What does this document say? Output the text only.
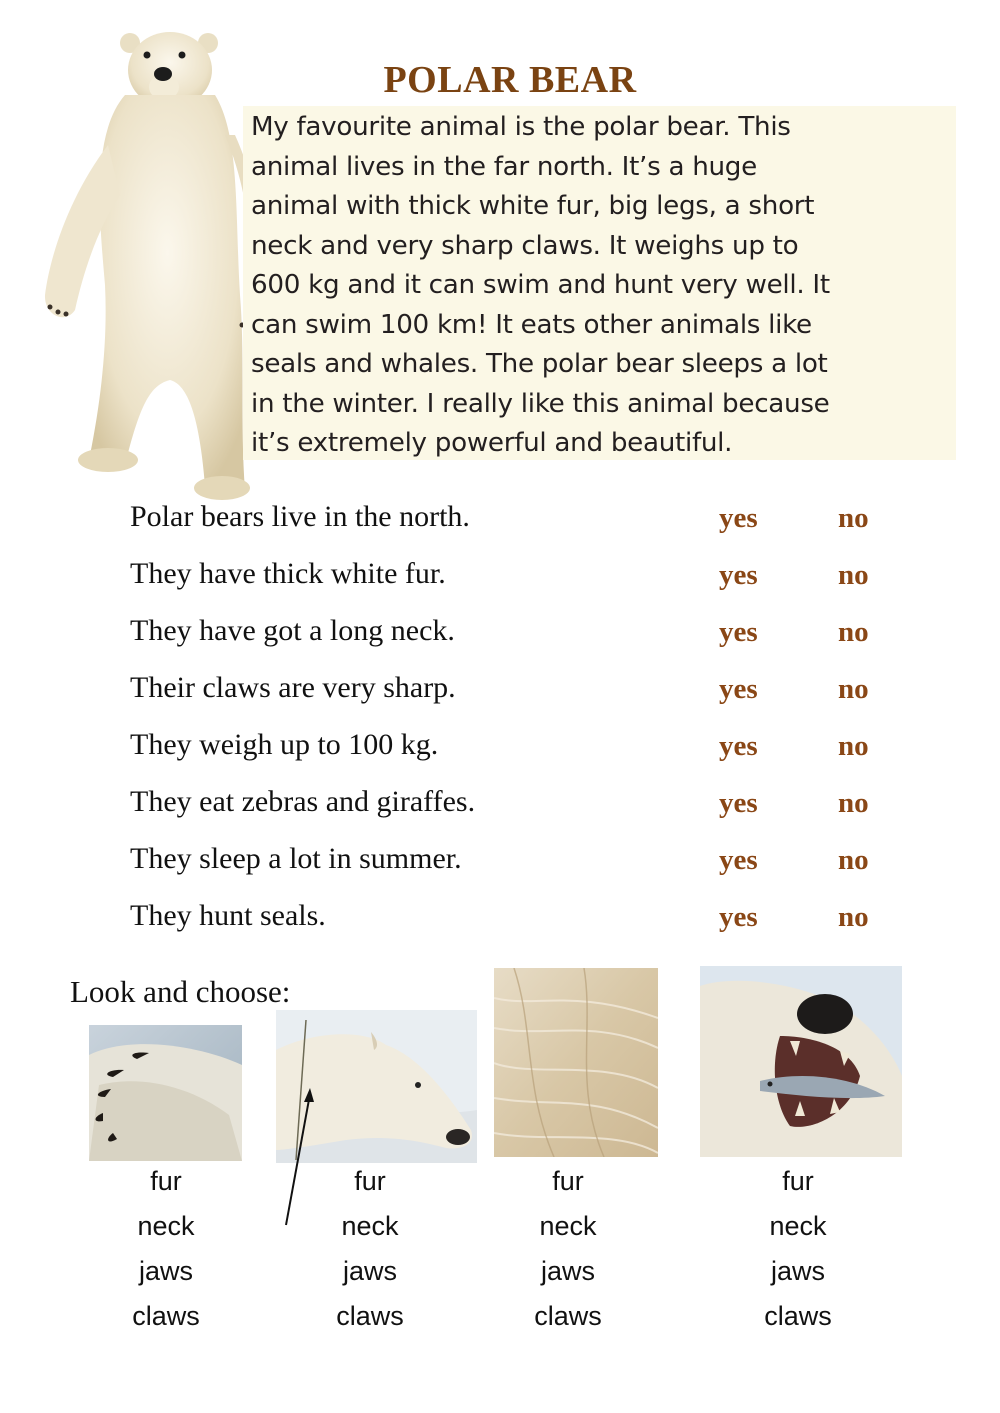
POLAR BEAR
My favourite animal is the polar bear. This
animal lives in the far north. It’s a huge
animal with thick white fur, big legs, a short
neck and very sharp claws. It weighs up to
600 kg and it can swim and hunt very well. It
can swim 100 km! It eats other animals like
seals and whales. The polar bear sleeps a lot
in the winter. I really like this animal because
it’s extremely powerful and beautiful.
Polar bears live in the north.	yes	no
They have thick white fur.	yes	no
They have got a long neck.	yes	no
Their claws are very sharp.	yes	no
They weigh up to 100 kg.	yes	no
They eat zebras and giraffes.	yes	no
They sleep a lot in summer.	yes	no
They hunt seals.	yes	no
Look and choose:
fur
neck
jaws
claws
fur
neck
jaws
claws
fur
neck
jaws
claws
fur
neck
jaws
claws
